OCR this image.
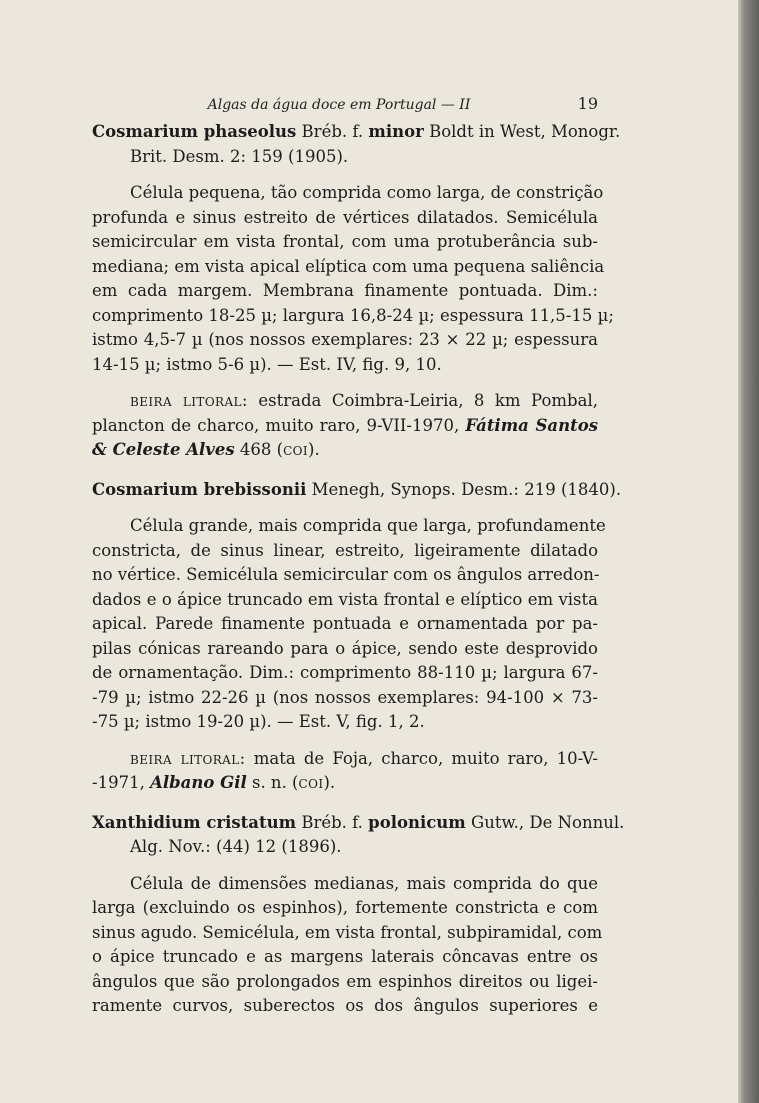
Algas da água doce em Portugal — II	19
Cosmarium phaseolus Bréb. f. minor Boldt in West, Monogr.
Brit. Desm. 2: 159 (1905).
Célula pequena, tão comprida como larga, de constrição
profunda e sinus estreito de vértices dilatados. Semicélula
semicircular em vista frontal, com uma protuberância sub-
mediana; em vista apical elíptica com uma pequena saliência
em cada margem. Membrana finamente pontuada. Dim.:
comprimento 18-25 µ; largura 16,8-24 µ; espessura 11,5-15 µ;
istmo 4,5-7 µ (nos nossos exemplares: 23 × 22 µ; espessura
14-15 µ; istmo 5-6 µ). — Est. IV, fig. 9, 10.
beira litoral: estrada Coimbra-Leiria, 8 km Pombal,
plancton de charco, muito raro, 9-VII-1970, Fátima Santos
& Celeste Alves 468 (coi).
Cosmarium brebissonii Menegh, Synops. Desm.: 219 (1840).
Célula grande, mais comprida que larga, profundamente
constricta, de sinus linear, estreito, ligeiramente dilatado
no vértice. Semicélula semicircular com os ângulos arredon-
dados e o ápice truncado em vista frontal e elíptico em vista
apical. Parede finamente pontuada e ornamentada por pa-
pilas cónicas rareando para o ápice, sendo este desprovido
de ornamentação. Dim.: comprimento 88-110 µ; largura 67-
-79 µ; istmo 22-26 µ (nos nossos exemplares: 94-100 × 73-
-75 µ; istmo 19-20 µ). — Est. V, fig. 1, 2.
beira litoral: mata de Foja, charco, muito raro, 10-V-
-1971, Albano Gil s. n. (coi).
Xanthidium cristatum Bréb. f. polonicum Gutw., De Nonnul.
Alg. Nov.: (44) 12 (1896).
Célula de dimensões medianas, mais comprida do que
larga (excluindo os espinhos), fortemente constricta e com
sinus agudo. Semicélula, em vista frontal, subpiramidal, com
o ápice truncado e as margens laterais côncavas entre os
ângulos que são prolongados em espinhos direitos ou ligei-
ramente curvos, suberectos os dos ângulos superiores e
